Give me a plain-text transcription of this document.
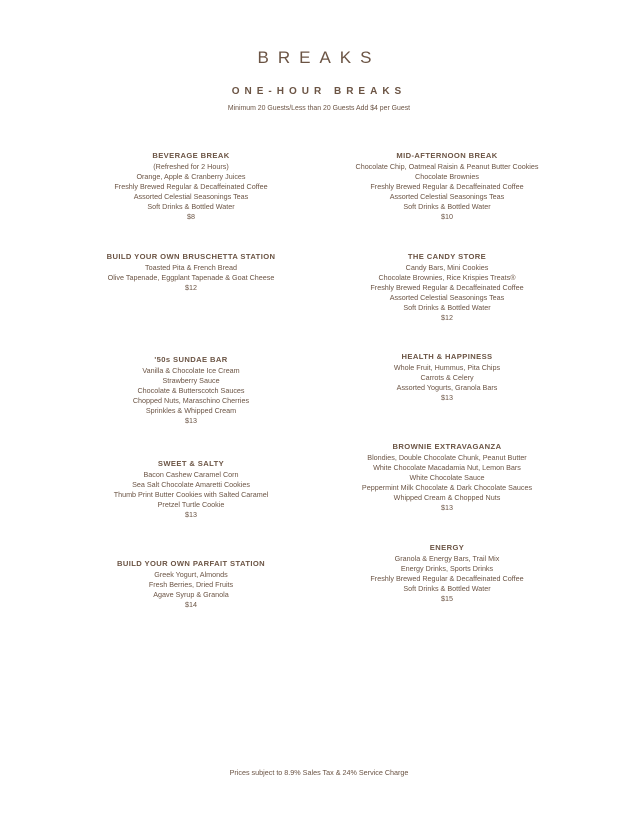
BREAKS
ONE-HOUR BREAKS
Minimum 20 Guests/Less than 20 Guests Add $4 per Guest
BEVERAGE BREAK
(Refreshed for 2 Hours)
Orange, Apple & Cranberry Juices
Freshly Brewed Regular & Decaffeinated Coffee
Assorted Celestial Seasonings Teas
Soft Drinks & Bottled Water
$8
BUILD YOUR OWN BRUSCHETTA STATION
Toasted Pita & French Bread
Olive Tapenade, Eggplant Tapenade & Goat Cheese
$12
'50s SUNDAE BAR
Vanilla & Chocolate Ice Cream
Strawberry Sauce
Chocolate & Butterscotch Sauces
Chopped Nuts, Maraschino Cherries
Sprinkles & Whipped Cream
$13
SWEET & SALTY
Bacon Cashew Caramel Corn
Sea Salt Chocolate Amaretti Cookies
Thumb Print Butter Cookies with Salted Caramel
Pretzel Turtle Cookie
$13
BUILD YOUR OWN PARFAIT STATION
Greek Yogurt, Almonds
Fresh Berries, Dried Fruits
Agave Syrup & Granola
$14
MID-AFTERNOON BREAK
Chocolate Chip, Oatmeal Raisin & Peanut Butter Cookies
Chocolate Brownies
Freshly Brewed Regular & Decaffeinated Coffee
Assorted Celestial Seasonings Teas
Soft Drinks & Bottled Water
$10
THE CANDY STORE
Candy Bars, Mini Cookies
Chocolate Brownies, Rice Krispies Treats®
Freshly Brewed Regular & Decaffeinated Coffee
Assorted Celestial Seasonings Teas
Soft Drinks & Bottled Water
$12
HEALTH & HAPPINESS
Whole Fruit, Hummus, Pita Chips
Carrots & Celery
Assorted Yogurts, Granola Bars
$13
BROWNIE EXTRAVAGANZA
Blondies, Double Chocolate Chunk, Peanut Butter
White Chocolate Macadamia Nut, Lemon Bars
White Chocolate Sauce
Peppermint Milk Chocolate & Dark Chocolate Sauces
Whipped Cream & Chopped Nuts
$13
ENERGY
Granola & Energy Bars, Trail Mix
Energy Drinks, Sports Drinks
Freshly Brewed Regular & Decaffeinated Coffee
Soft Drinks & Bottled Water
$15
Prices subject to 8.9% Sales Tax & 24% Service Charge
